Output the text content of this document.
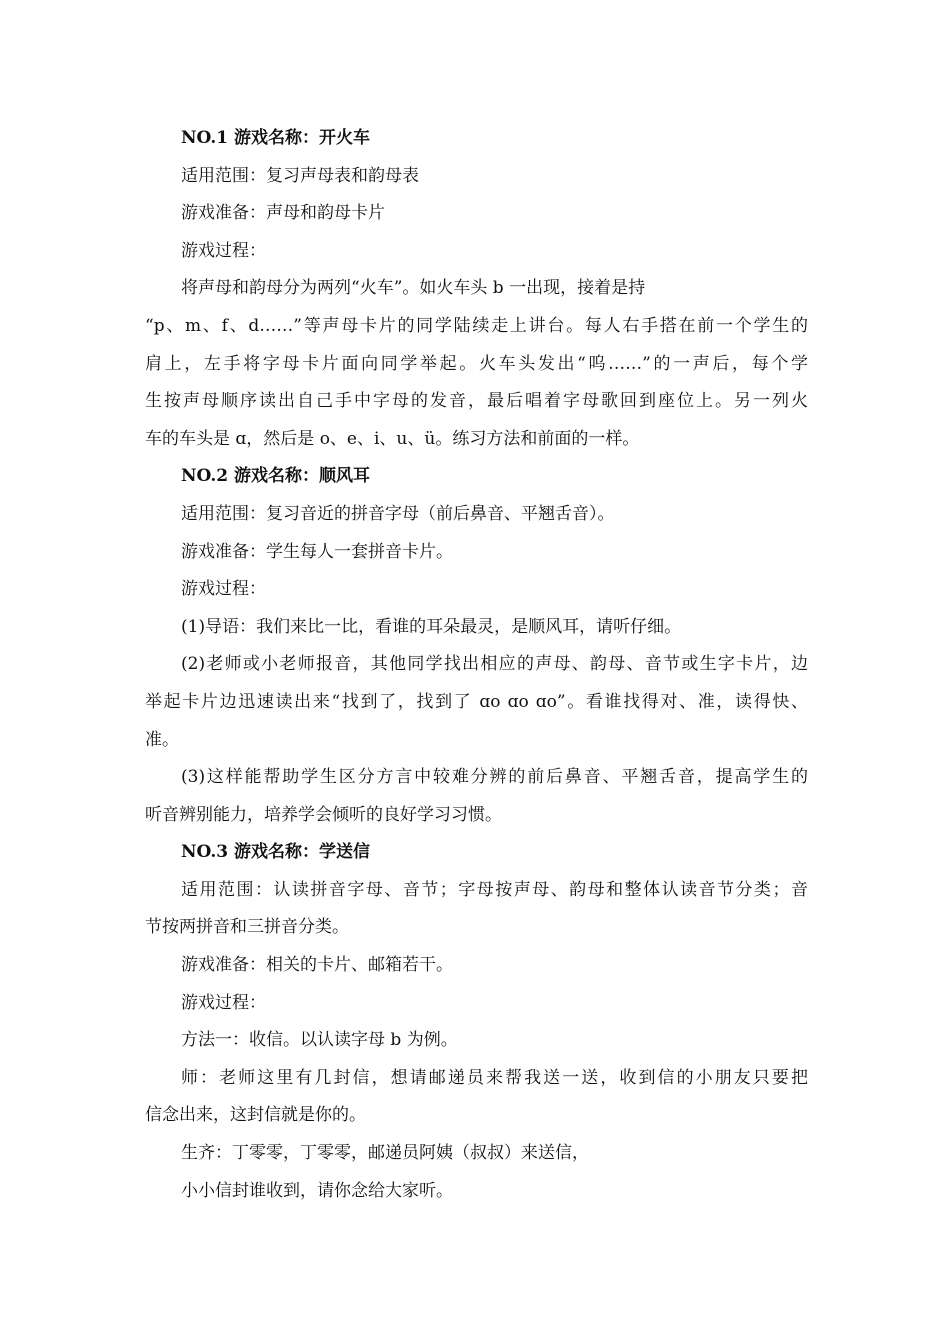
NO.1 游戏名称：开火车
适用范围：复习声母表和韵母表
游戏准备：声母和韵母卡片
游戏过程：
将声母和韵母分为两列“火车”。如火车头 b 一出现，接着是持
“p、m、f、d……”等声母卡片的同学陆续走上讲台。每人右手搭在前一个学生的
肩上，左手将字母卡片面向同学举起。火车头发出“呜……”的一声后，每个学
生按声母顺序读出自己手中字母的发音，最后唱着字母歌回到座位上。另一列火
车的车头是 ɑ，然后是 o、e、i、u、ü。练习方法和前面的一样。
NO.2 游戏名称：顺风耳
适用范围：复习音近的拼音字母（前后鼻音、平翘舌音）。
游戏准备：学生每人一套拼音卡片。
游戏过程：
(1)导语：我们来比一比，看谁的耳朵最灵，是顺风耳，请听仔细。
(2)老师或小老师报音，其他同学找出相应的声母、韵母、音节或生字卡片，边
举起卡片边迅速读出来“找到了，找到了 ɑo ɑo ɑo”。看谁找得对、准，读得快、
准。
(3)这样能帮助学生区分方言中较难分辨的前后鼻音、平翘舌音，提高学生的
听音辨别能力，培养学会倾听的良好学习习惯。
NO.3 游戏名称：学送信
适用范围：认读拼音字母、音节；字母按声母、韵母和整体认读音节分类；音
节按两拼音和三拼音分类。
游戏准备：相关的卡片、邮箱若干。
游戏过程：
方法一：收信。以认读字母 b 为例。
师：老师这里有几封信，想请邮递员来帮我送一送，收到信的小朋友只要把
信念出来，这封信就是你的。
生齐：丁零零，丁零零，邮递员阿姨（叔叔）来送信，
小小信封谁收到，请你念给大家听。
